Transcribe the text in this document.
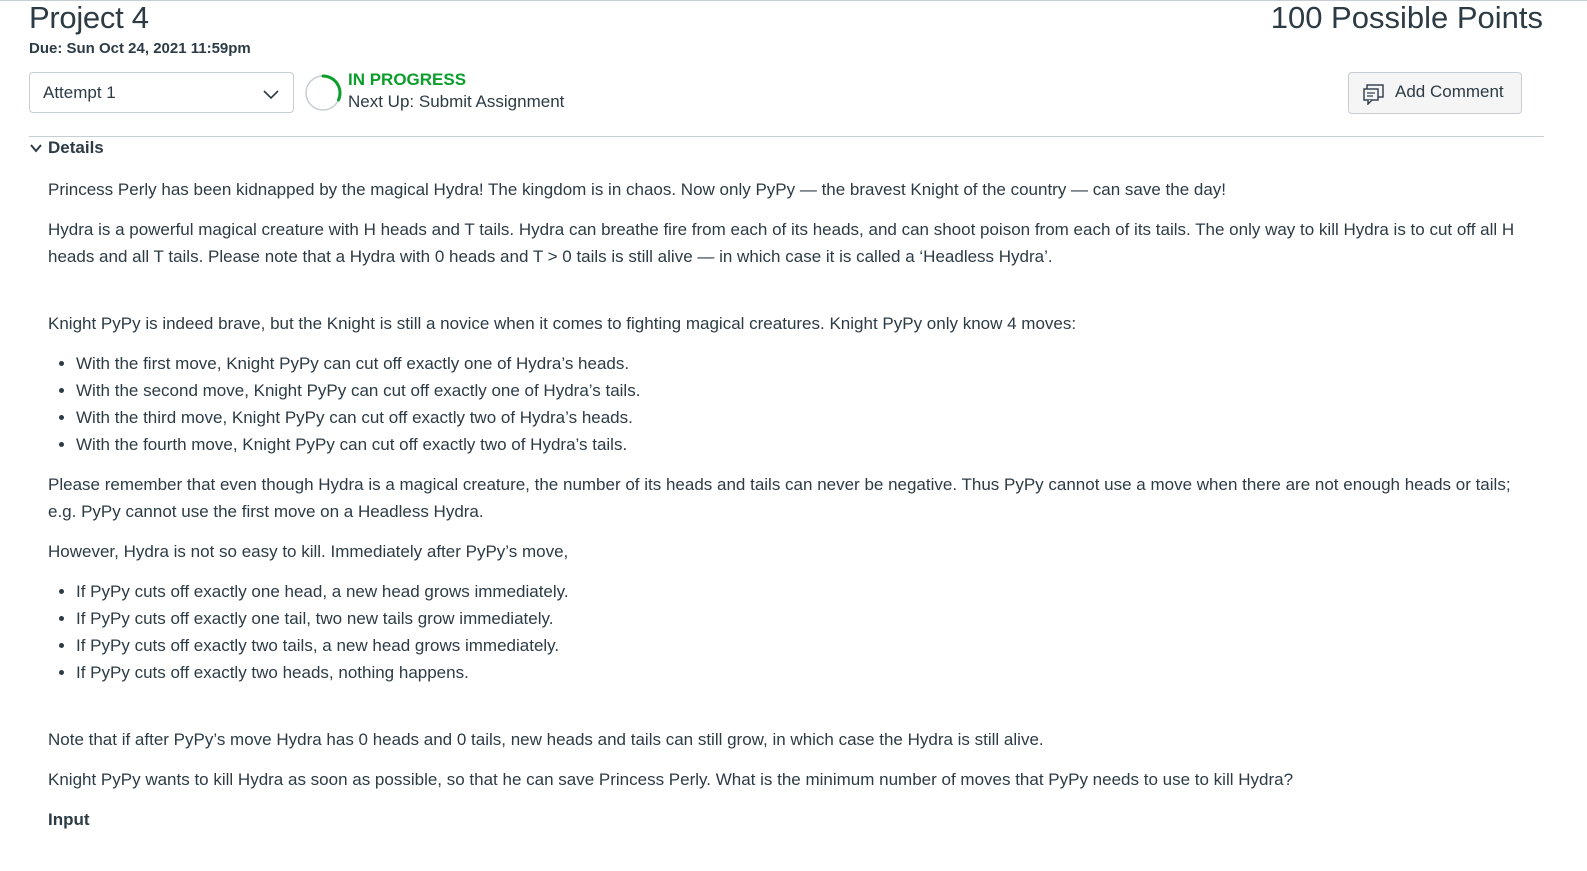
Project 4	100 Possible Points
Due: Sun Oct 24, 2021 11:59pm
Attempt 1
IN PROGRESS
Next Up: Submit Assignment
Add Comment
Details

Princess Perly has been kidnapped by the magical Hydra! The kingdom is in chaos. Now only PyPy — the bravest Knight of the country — can save the day!

Hydra is a powerful magical creature with H heads and T tails. Hydra can breathe fire from each of its heads, and can shoot poison from each of its tails. The only way to kill Hydra is to cut off all H heads and all T tails. Please note that a Hydra with 0 heads and T > 0 tails is still alive — in which case it is called a ‘Headless Hydra’.

Knight PyPy is indeed brave, but the Knight is still a novice when it comes to fighting magical creatures. Knight PyPy only know 4 moves:

• With the first move, Knight PyPy can cut off exactly one of Hydra’s heads.
• With the second move, Knight PyPy can cut off exactly one of Hydra’s tails.
• With the third move, Knight PyPy can cut off exactly two of Hydra’s heads.
• With the fourth move, Knight PyPy can cut off exactly two of Hydra’s tails.

Please remember that even though Hydra is a magical creature, the number of its heads and tails can never be negative. Thus PyPy cannot use a move when there are not enough heads or tails; e.g. PyPy cannot use the first move on a Headless Hydra.

However, Hydra is not so easy to kill. Immediately after PyPy’s move,

• If PyPy cuts off exactly one head, a new head grows immediately.
• If PyPy cuts off exactly one tail, two new tails grow immediately.
• If PyPy cuts off exactly two tails, a new head grows immediately.
• If PyPy cuts off exactly two heads, nothing happens.

Note that if after PyPy’s move Hydra has 0 heads and 0 tails, new heads and tails can still grow, in which case the Hydra is still alive.

Knight PyPy wants to kill Hydra as soon as possible, so that he can save Princess Perly. What is the minimum number of moves that PyPy needs to use to kill Hydra?

Input
